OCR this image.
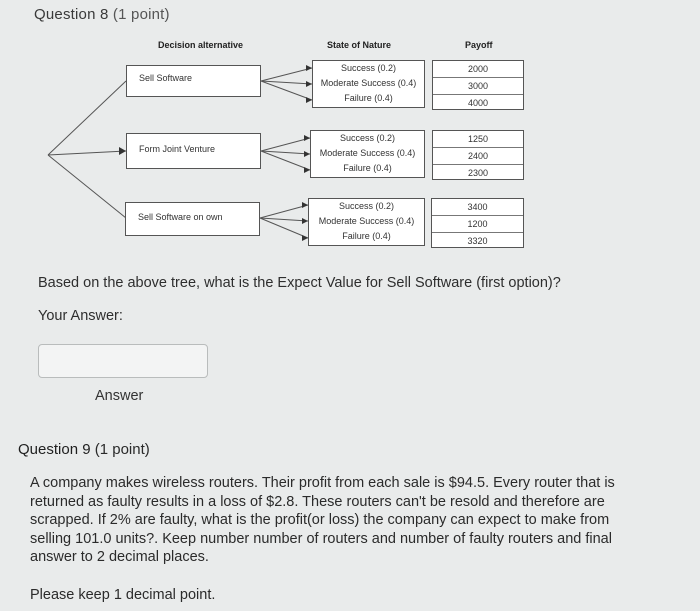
Question 8 (1 point)
Decision alternative	State of Nature	Payoff
Sell Software
Success (0.2)
Moderate Success (0.4)
Failure (0.4)
2000
3000
4000
Form Joint Venture
Success (0.2)
Moderate Success (0.4)
Failure (0.4)
1250
2400
2300
Sell Software on own
Success (0.2)
Moderate Success (0.4)
Failure (0.4)
3400
1200
3320
Based on the above tree, what is the Expect Value for Sell Software (first option)?
Your Answer:
Answer
Question 9 (1 point)
A company makes wireless routers. Their profit from each sale is $94.5. Every router that is returned as faulty results in a loss of $2.8. These routers can't be resold and therefore are scrapped. If 2% are faulty, what is the profit(or loss) the company can expect to make from selling 101.0 units?. Keep number number of routers and number of faulty routers and final answer to 2 decimal places.
Please keep 1 decimal point.
